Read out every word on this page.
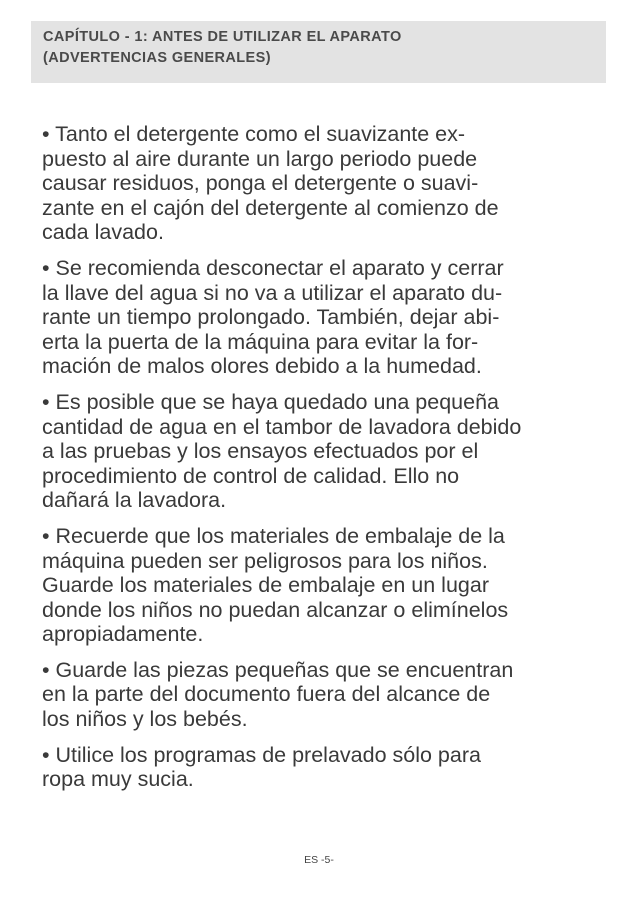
CAPÍTULO - 1: ANTES DE UTILIZAR EL APARATO
(ADVERTENCIAS GENERALES)
• Tanto el detergente como el suavizante ex-
puesto al aire durante un largo periodo puede
causar residuos, ponga el detergente o suavi-
zante en el cajón del detergente al comienzo de
cada lavado.
• Se recomienda desconectar el aparato y cerrar
la llave del agua si no va a utilizar el aparato du-
rante un tiempo prolongado. También, dejar abi-
erta la puerta de la máquina para evitar la for-
mación de malos olores debido a la humedad.
• Es posible que se haya quedado una pequeña
cantidad de agua en el tambor de lavadora debido
a las pruebas y los ensayos efectuados por el
procedimiento de control de calidad. Ello no
dañará la lavadora.
• Recuerde que los materiales de embalaje de la
máquina pueden ser peligrosos para los niños.
Guarde los materiales de embalaje en un lugar
donde los niños no puedan alcanzar o elimínelos
apropiadamente.
• Guarde las piezas pequeñas que se encuentran
en la parte del documento fuera del alcance de
los niños y los bebés.
• Utilice los programas de prelavado sólo para
ropa muy sucia.
ES -5-
